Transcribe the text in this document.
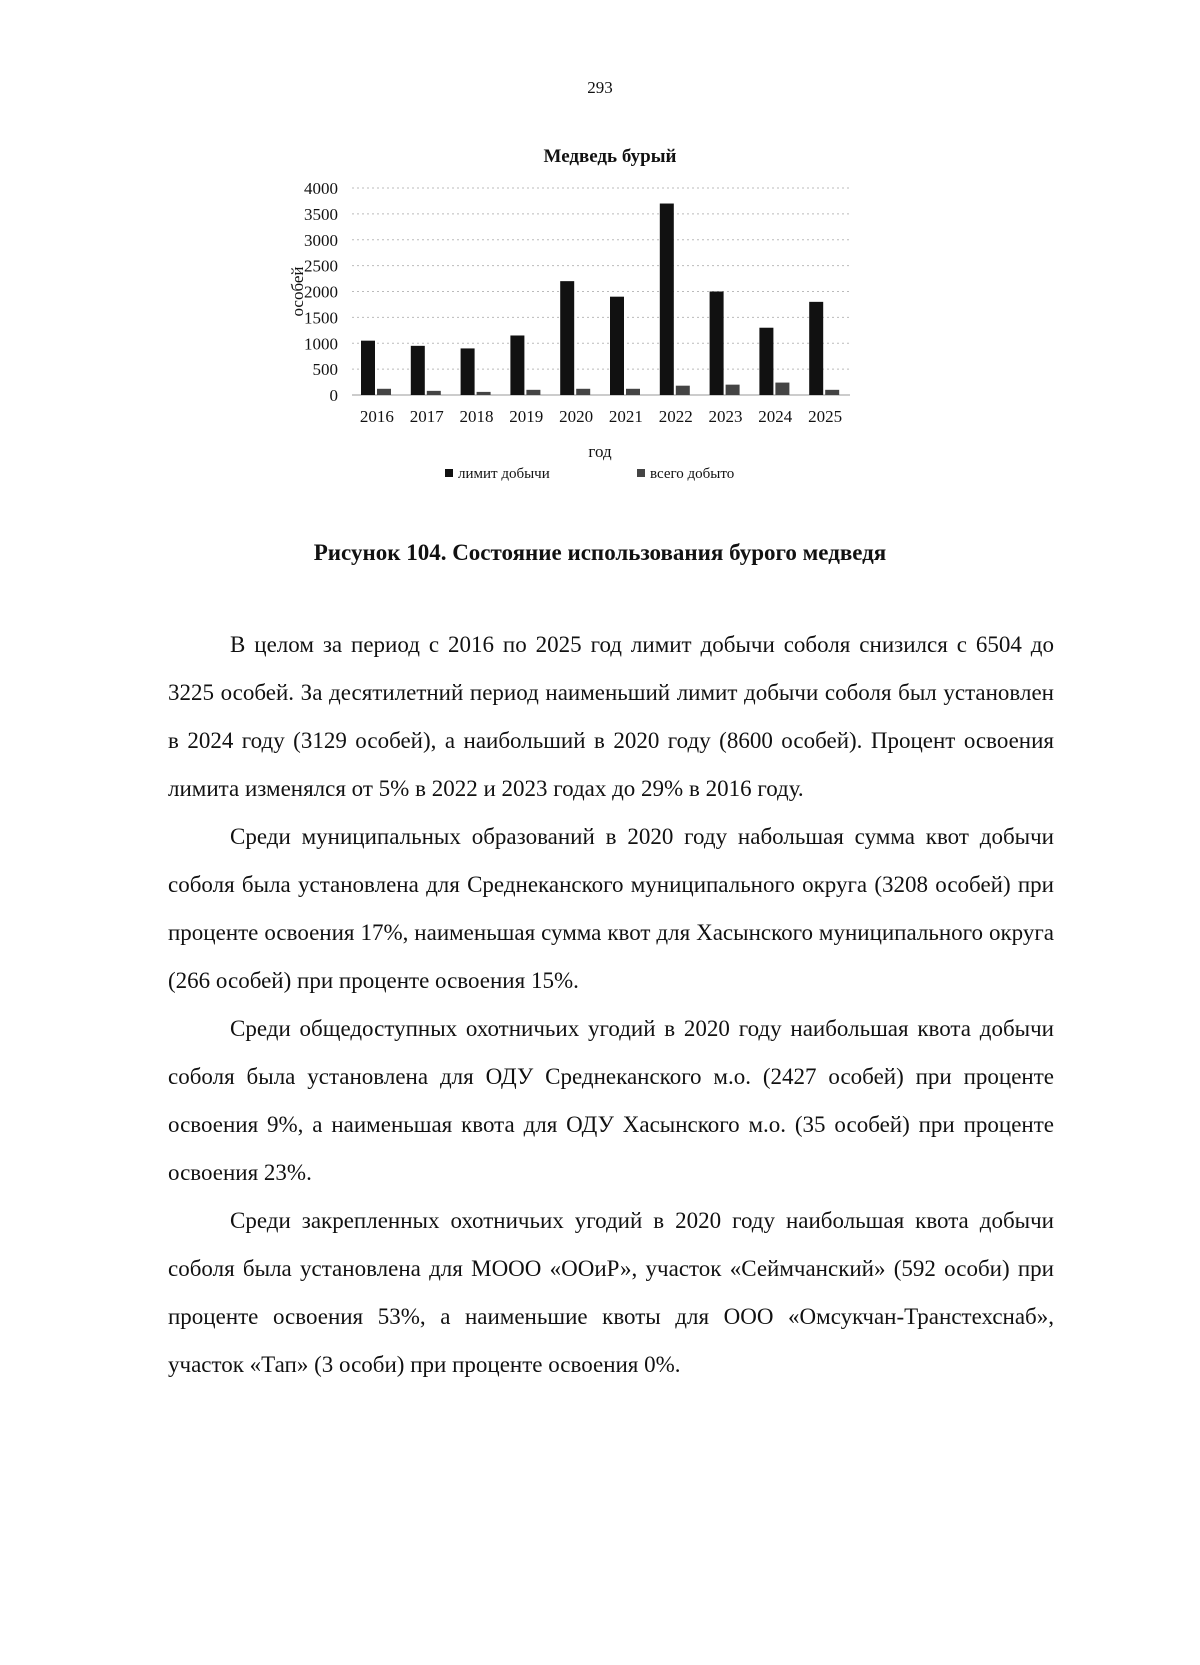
293
Медведь бурый
0
500
1000
1500
2000
2500
3000
3500
4000
2016 2017 2018 2019 2020 2021 2022 2023 2024 2025
год
особей
лимит добычи	всего добыто
Рисунок 104. Состояние использования бурого медведя

В целом за период с 2016 по 2025 год лимит добычи соболя снизился с 6504 до 3225 особей. За десятилетний период наименьший лимит добычи соболя был установлен в 2024 году (3129 особей), а наибольший в 2020 году (8600 особей). Процент освоения лимита изменялся от 5% в 2022 и 2023 годах до 29% в 2016 году.

Среди муниципальных образований в 2020 году набольшая сумма квот добычи соболя была установлена для Среднеканского муниципального округа (3208 особей) при проценте освоения 17%, наименьшая сумма квот для Хасынского муниципального округа (266 особей) при проценте освоения 15%.

Среди общедоступных охотничьих угодий в 2020 году наибольшая квота добычи соболя была установлена для ОДУ Среднеканского м.о. (2427 особей) при проценте освоения 9%, а наименьшая квота для ОДУ Хасынского м.о. (35 особей) при проценте освоения 23%.

Среди закрепленных охотничьих угодий в 2020 году наибольшая квота добычи соболя была установлена для МООО «ООиР», участок «Сеймчанский» (592 особи) при проценте освоения 53%, а наименьшие квоты для ООО «Омсукчан-Транстехснаб», участок «Тап» (3 особи) при проценте освоения 0%.
